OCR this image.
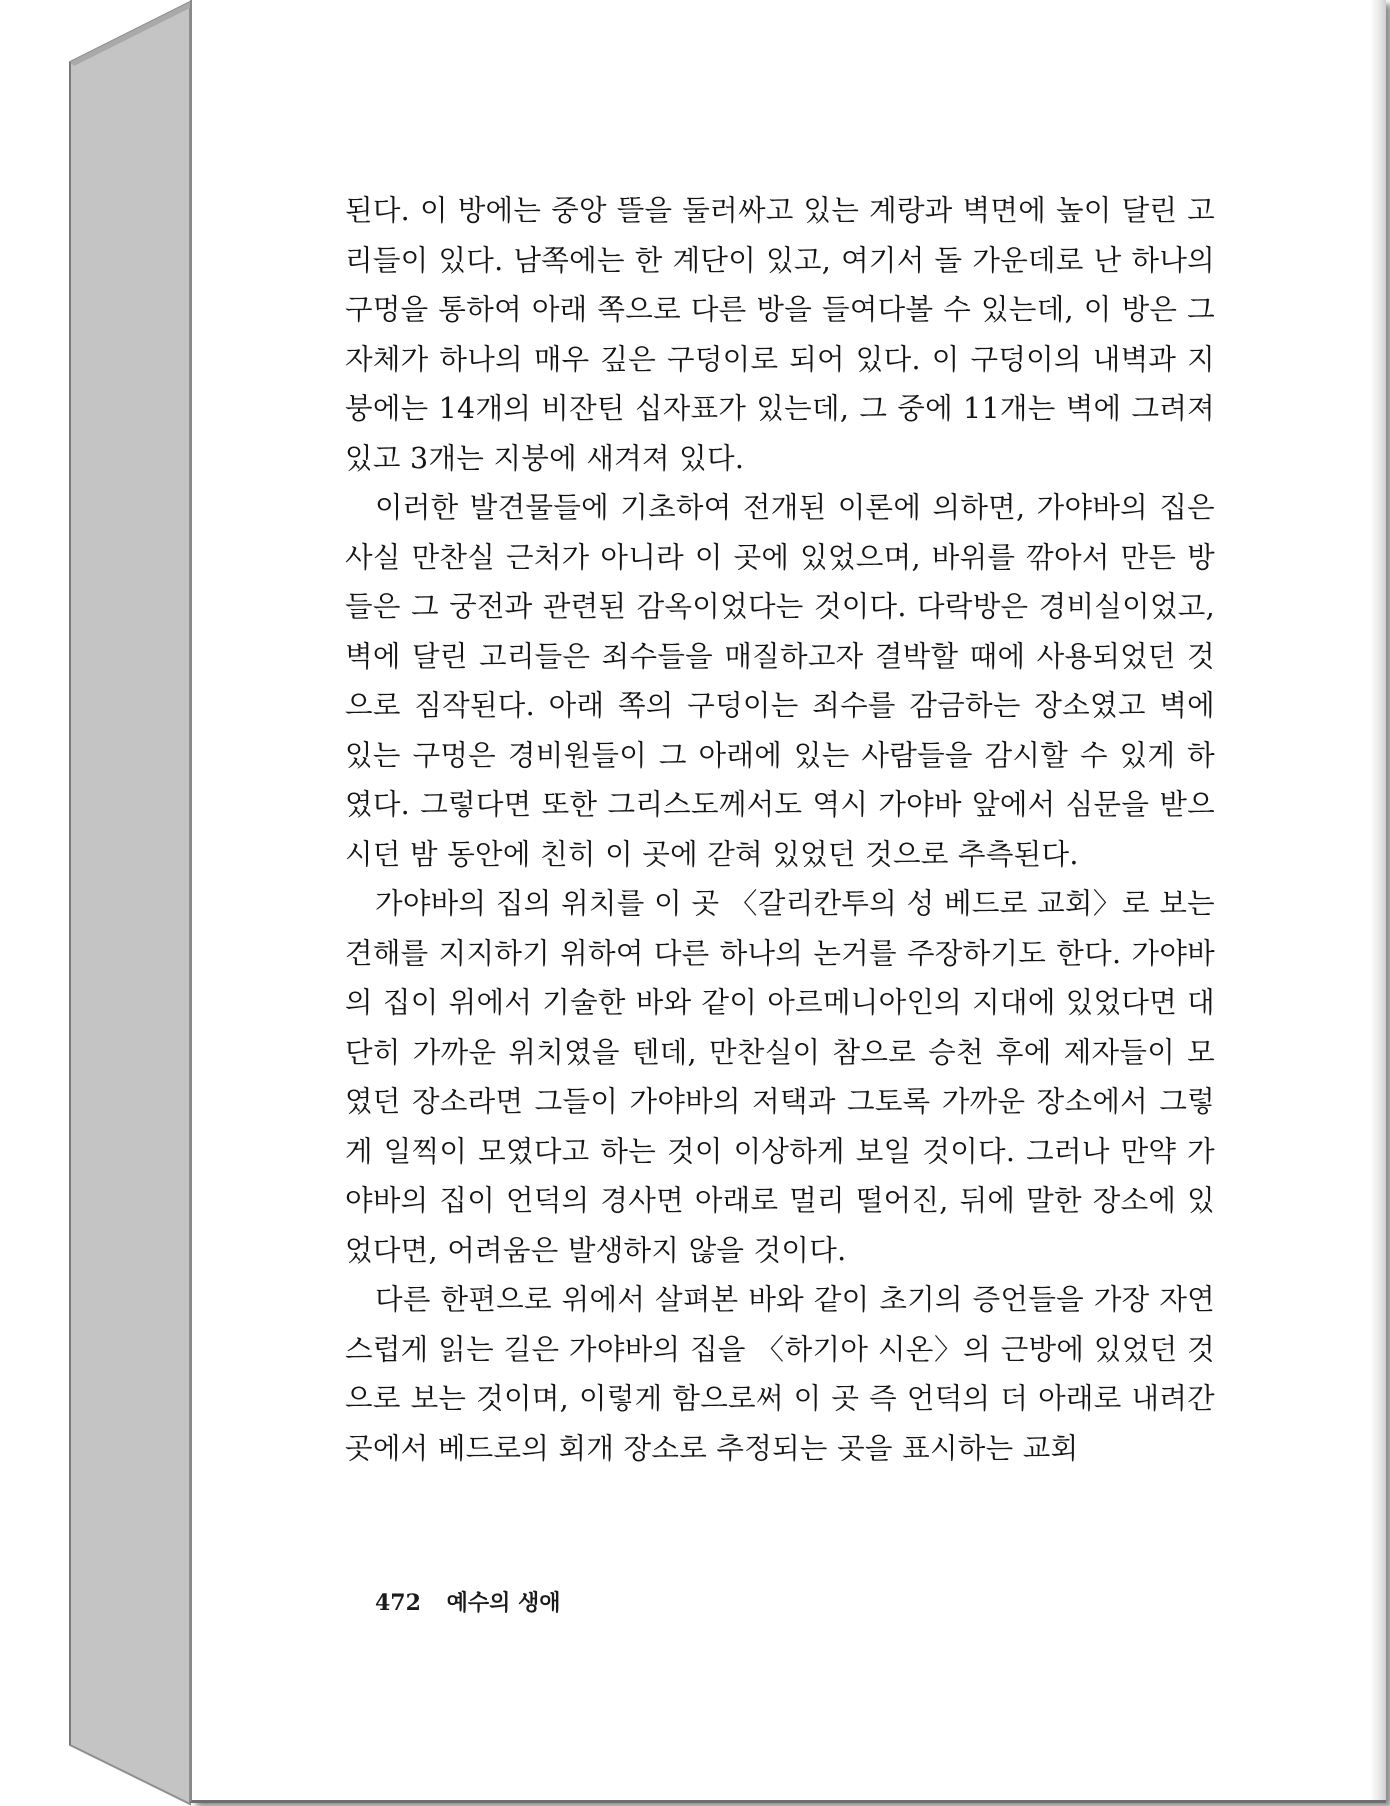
된다. 이 방에는 중앙 뜰을 둘러싸고 있는 계랑과 벽면에 높이 달린 고리들이 있다. 남쪽에는 한 계단이 있고, 여기서 돌 가운데로 난 하나의 구멍을 통하여 아래 쪽으로 다른 방을 들여다볼 수 있는데, 이 방은 그 자체가 하나의 매우 깊은 구덩이로 되어 있다. 이 구덩이의 내벽과 지붕에는 14개의 비잔틴 십자표가 있는데, 그 중에 11개는 벽에 그려져 있고 3개는 지붕에 새겨져 있다.

이러한 발견물들에 기초하여 전개된 이론에 의하면, 가야바의 집은 사실 만찬실 근처가 아니라 이 곳에 있었으며, 바위를 깎아서 만든 방들은 그 궁전과 관련된 감옥이었다는 것이다. 다락방은 경비실이었고, 벽에 달린 고리들은 죄수들을 매질하고자 결박할 때에 사용되었던 것으로 짐작된다. 아래 쪽의 구덩이는 죄수를 감금하는 장소였고 벽에 있는 구멍은 경비원들이 그 아래에 있는 사람들을 감시할 수 있게 하였다. 그렇다면 또한 그리스도께서도 역시 가야바 앞에서 심문을 받으시던 밤 동안에 친히 이 곳에 갇혀 있었던 것으로 추측된다.

가야바의 집의 위치를 이 곳 〈갈리칸투의 성 베드로 교회〉로 보는 견해를 지지하기 위하여 다른 하나의 논거를 주장하기도 한다. 가야바의 집이 위에서 기술한 바와 같이 아르메니아인의 지대에 있었다면 대단히 가까운 위치였을 텐데, 만찬실이 참으로 승천 후에 제자들이 모였던 장소라면 그들이 가야바의 저택과 그토록 가까운 장소에서 그렇게 일찍이 모였다고 하는 것이 이상하게 보일 것이다. 그러나 만약 가야바의 집이 언덕의 경사면 아래로 멀리 떨어진, 뒤에 말한 장소에 있었다면, 어려움은 발생하지 않을 것이다.

다른 한편으로 위에서 살펴본 바와 같이 초기의 증언들을 가장 자연스럽게 읽는 길은 가야바의 집을 〈하기아 시온〉의 근방에 있었던 것으로 보는 것이며, 이렇게 함으로써 이 곳 즉 언덕의 더 아래로 내려간 곳에서 베드로의 회개 장소로 추정되는 곳을 표시하는 교회

472 예수의 생애
